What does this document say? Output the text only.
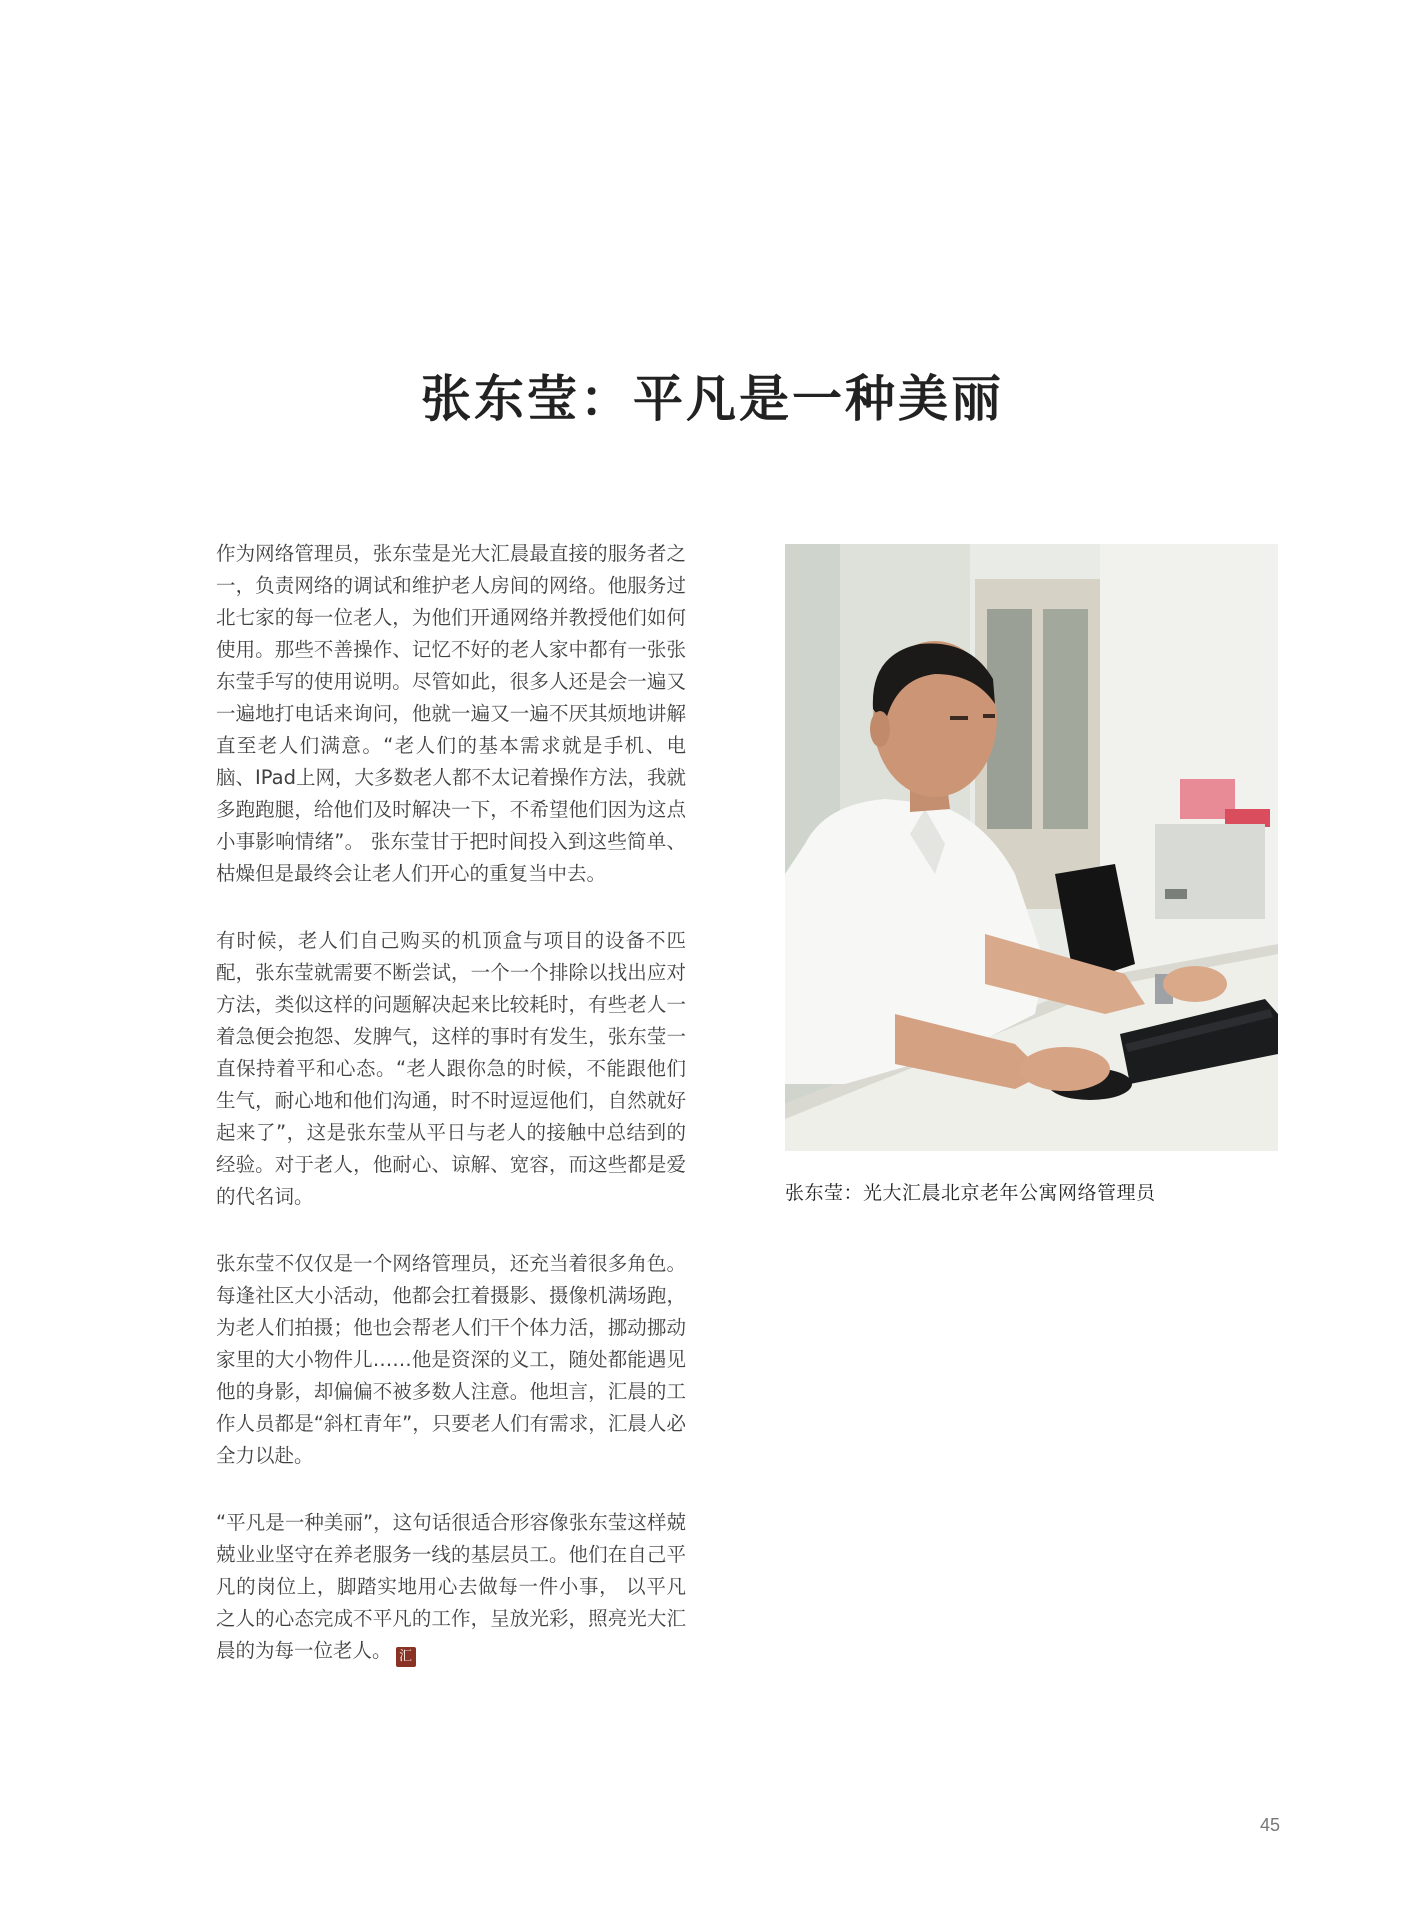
张东莹：平凡是一种美丽

作为网络管理员，张东莹是光大汇晨最直接的服务者之一，负责网络的调试和维护老人房间的网络。他服务过北七家的每一位老人，为他们开通网络并教授他们如何使用。那些不善操作、记忆不好的老人家中都有一张张东莹手写的使用说明。尽管如此，很多人还是会一遍又一遍地打电话来询问，他就一遍又一遍不厌其烦地讲解直至老人们满意。“老人们的基本需求就是手机、电脑、IPad上网，大多数老人都不太记着操作方法，我就多跑跑腿，给他们及时解决一下，不希望他们因为这点小事影响情绪”。 张东莹甘于把时间投入到这些简单、枯燥但是最终会让老人们开心的重复当中去。

有时候，老人们自己购买的机顶盒与项目的设备不匹配，张东莹就需要不断尝试，一个一个排除以找出应对方法，类似这样的问题解决起来比较耗时，有些老人一着急便会抱怨、发脾气，这样的事时有发生，张东莹一直保持着平和心态。“老人跟你急的时候，不能跟他们生气，耐心地和他们沟通，时不时逗逗他们，自然就好起来了”，这是张东莹从平日与老人的接触中总结到的经验。对于老人，他耐心、谅解、宽容，而这些都是爱的代名词。

张东莹不仅仅是一个网络管理员，还充当着很多角色。每逢社区大小活动，他都会扛着摄影、摄像机满场跑，为老人们拍摄；他也会帮老人们干个体力活，挪动挪动家里的大小物件儿……他是资深的义工，随处都能遇见他的身影，却偏偏不被多数人注意。他坦言，汇晨的工作人员都是“斜杠青年”，只要老人们有需求，汇晨人必全力以赴。

“平凡是一种美丽”，这句话很适合形容像张东莹这样兢兢业业坚守在养老服务一线的基层员工。他们在自己平凡的岗位上，脚踏实地用心去做每一件小事， 以平凡之人的心态完成不平凡的工作，呈放光彩，照亮光大汇晨的为每一位老人。 汇

张东莹：光大汇晨北京老年公寓网络管理员
45
